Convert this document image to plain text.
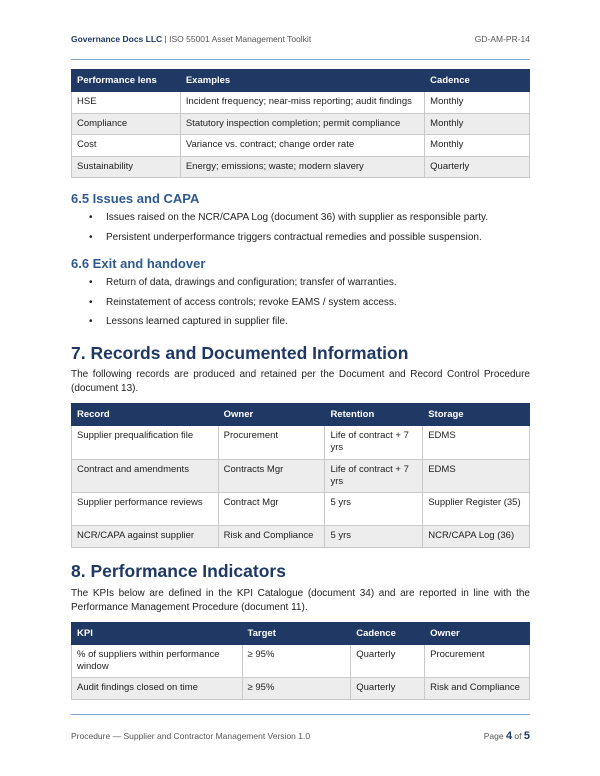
Governance Docs LLC | ISO 55001 Asset Management Toolkit	GD-AM-PR-14
Performance lens	Examples	Cadence
HSE	Incident frequency; near-miss reporting; audit findings	Monthly
Compliance	Statutory inspection completion; permit compliance	Monthly
Cost	Variance vs. contract; change order rate	Monthly
Sustainability	Energy; emissions; waste; modern slavery	Quarterly
6.5 Issues and CAPA
• Issues raised on the NCR/CAPA Log (document 36) with supplier as responsible party.
• Persistent underperformance triggers contractual remedies and possible suspension.
6.6 Exit and handover
• Return of data, drawings and configuration; transfer of warranties.
• Reinstatement of access controls; revoke EAMS / system access.
• Lessons learned captured in supplier file.
7. Records and Documented Information

The following records are produced and retained per the Document and Record Control Procedure (document 13).

Record	Owner	Retention	Storage
Supplier prequalification file	Procurement	Life of contract + 7 yrs	EDMS
Contract and amendments	Contracts Mgr	Life of contract + 7 yrs	EDMS
Supplier performance reviews	Contract Mgr	5 yrs	Supplier Register (35)
NCR/CAPA against supplier	Risk and Compliance	5 yrs	NCR/CAPA Log (36)
8. Performance Indicators

The KPIs below are defined in the KPI Catalogue (document 34) and are reported in line with the Performance Management Procedure (document 11).

KPI	Target	Cadence	Owner
% of suppliers within performance window	≥ 95%	Quarterly	Procurement
Audit findings closed on time	≥ 95%	Quarterly	Risk and Compliance
Procedure — Supplier and Contractor Management Version 1.0	Page 4 of 5
